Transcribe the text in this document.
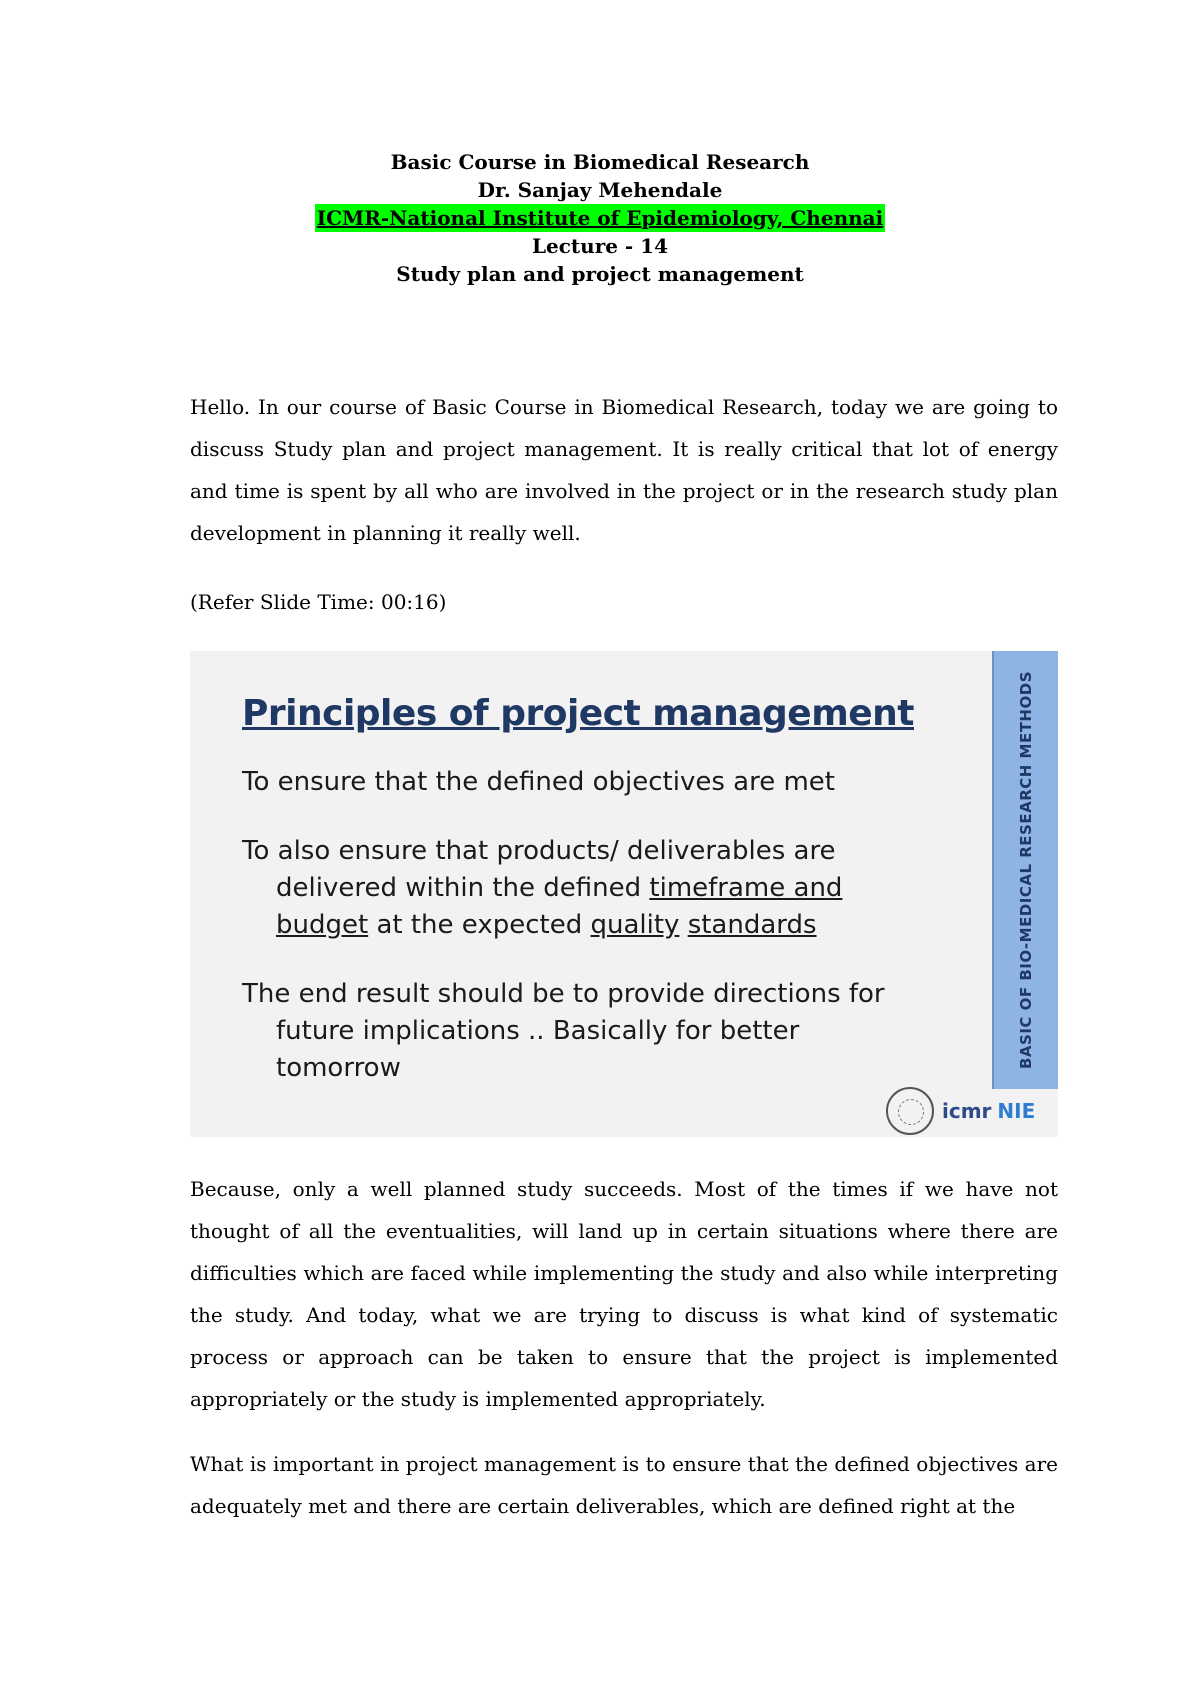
Basic Course in Biomedical Research
Dr. Sanjay Mehendale
ICMR-National Institute of Epidemiology, Chennai
Lecture - 14
Study plan and project management

Hello. In our course of Basic Course in Biomedical Research, today we are going to discuss Study plan and project management. It is really critical that lot of energy and time is spent by all who are involved in the project or in the research study plan development in planning it really well.

(Refer Slide Time: 00:16)

Principles of project management
To ensure that the defined objectives are met
To also ensure that products/ deliverables are
delivered within the defined timeframe and
budget at the expected quality standards
The end result should be to provide directions for
future implications .. Basically for better
tomorrow	BASIC OF BIO-MEDICAL RESEARCH METHODS
icmr NIE

Because, only a well planned study succeeds. Most of the times if we have not thought of all the eventualities, will land up in certain situations where there are difficulties which are faced while implementing the study and also while interpreting the study. And today, what we are trying to discuss is what kind of systematic process or approach can be taken to ensure that the project is implemented appropriately or the study is implemented appropriately.

What is important in project management is to ensure that the defined objectives are adequately met and there are certain deliverables, which are defined right at the
